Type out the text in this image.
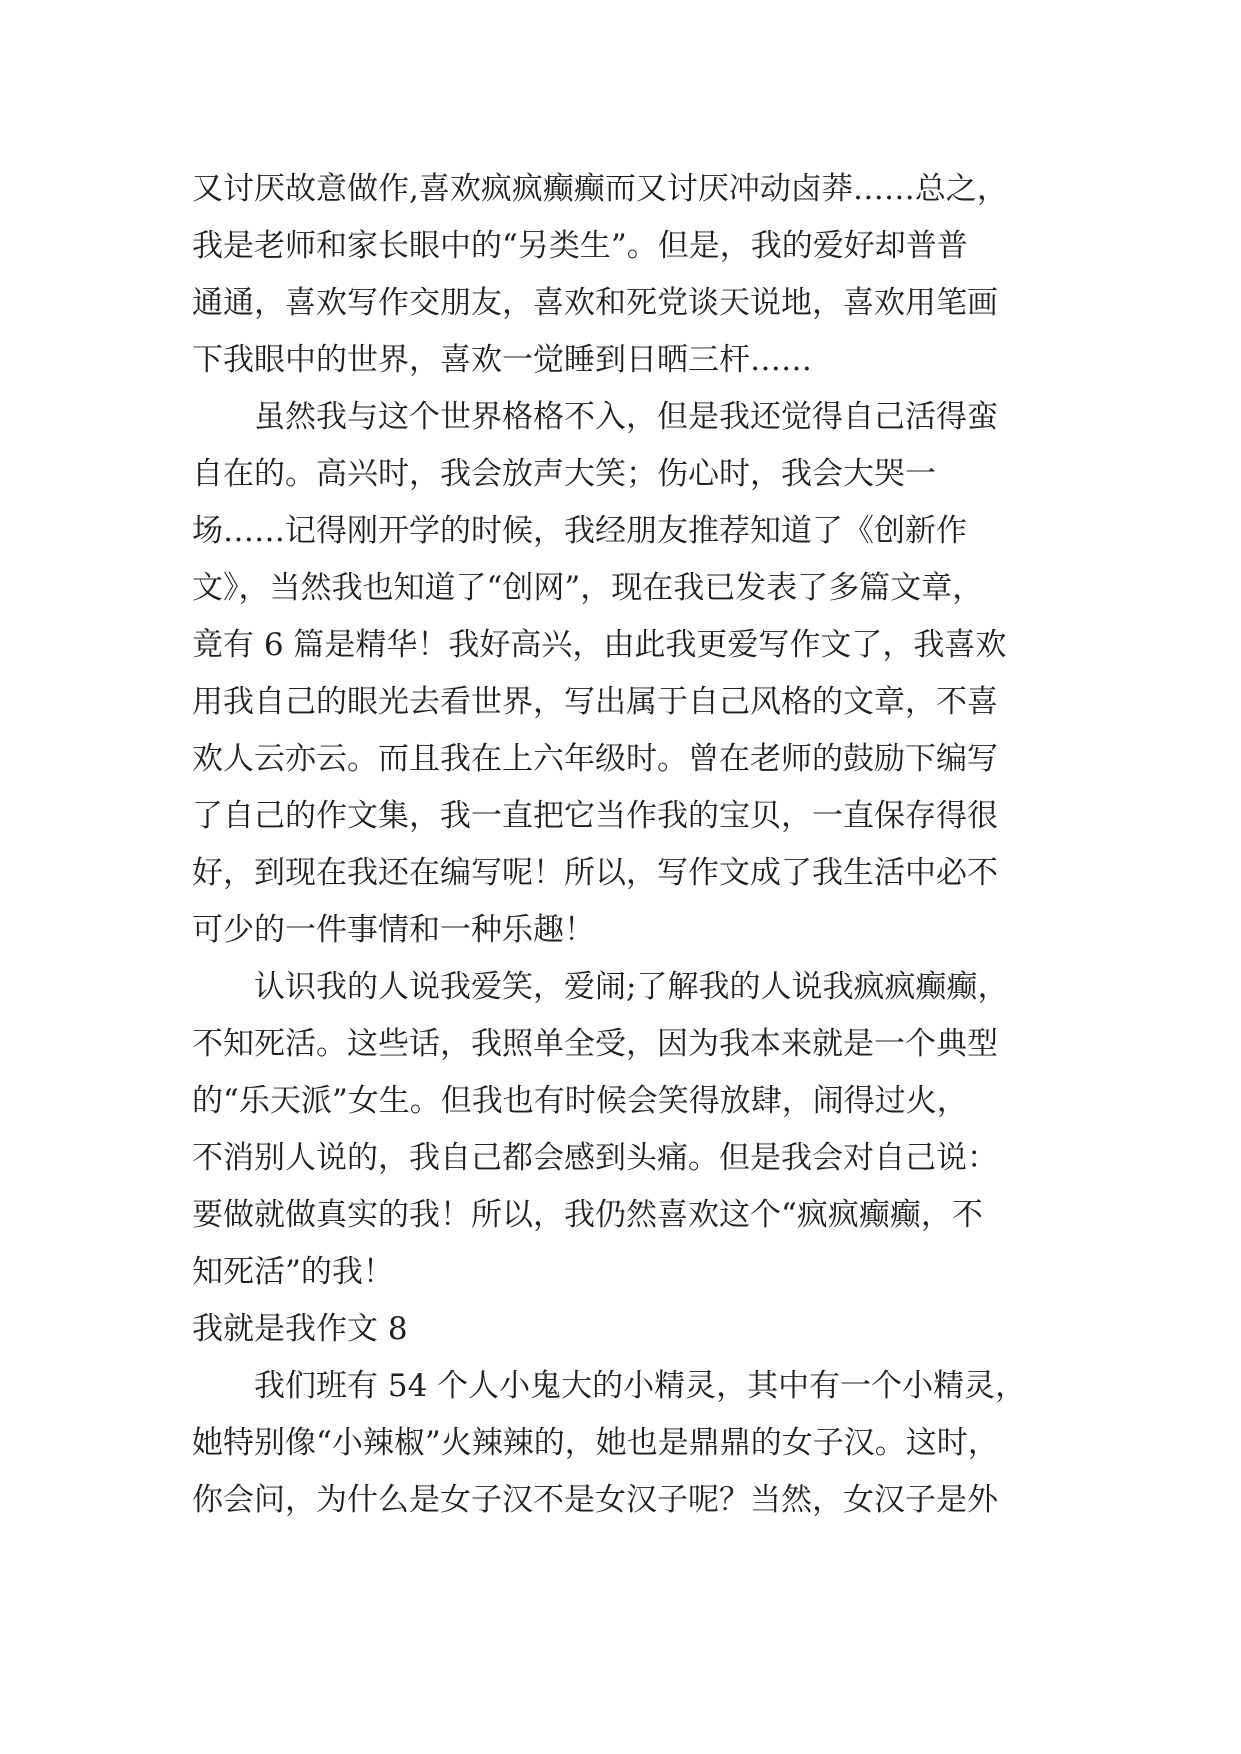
又讨厌故意做作,喜欢疯疯癫癫而又讨厌冲动卤莽……总之，
我是老师和家长眼中的“另类生”。但是，我的爱好却普普
通通，喜欢写作交朋友，喜欢和死党谈天说地，喜欢用笔画
下我眼中的世界，喜欢一觉睡到日晒三杆……
虽然我与这个世界格格不入，但是我还觉得自己活得蛮
自在的。高兴时，我会放声大笑；伤心时，我会大哭一
场……记得刚开学的时候，我经朋友推荐知道了《创新作
文》，当然我也知道了“创网”，现在我已发表了多篇文章，
竟有 6 篇是精华！我好高兴，由此我更爱写作文了，我喜欢
用我自己的眼光去看世界，写出属于自己风格的文章，不喜
欢人云亦云。而且我在上六年级时。曾在老师的鼓励下编写
了自己的作文集，我一直把它当作我的宝贝，一直保存得很
好，到现在我还在编写呢！所以，写作文成了我生活中必不
可少的一件事情和一种乐趣！
认识我的人说我爱笑，爱闹;了解我的人说我疯疯癫癫，
不知死活。这些话，我照单全受，因为我本来就是一个典型
的“乐天派”女生。但我也有时候会笑得放肆，闹得过火，
不消别人说的，我自己都会感到头痛。但是我会对自己说：
要做就做真实的我！所以，我仍然喜欢这个“疯疯癫癫，不
知死活”的我！
我就是我作文 8
我们班有 54 个人小鬼大的小精灵，其中有一个小精灵，
她特别像“小辣椒”火辣辣的，她也是鼎鼎的女子汉。这时，
你会问，为什么是女子汉不是女汉子呢？当然，女汉子是外
